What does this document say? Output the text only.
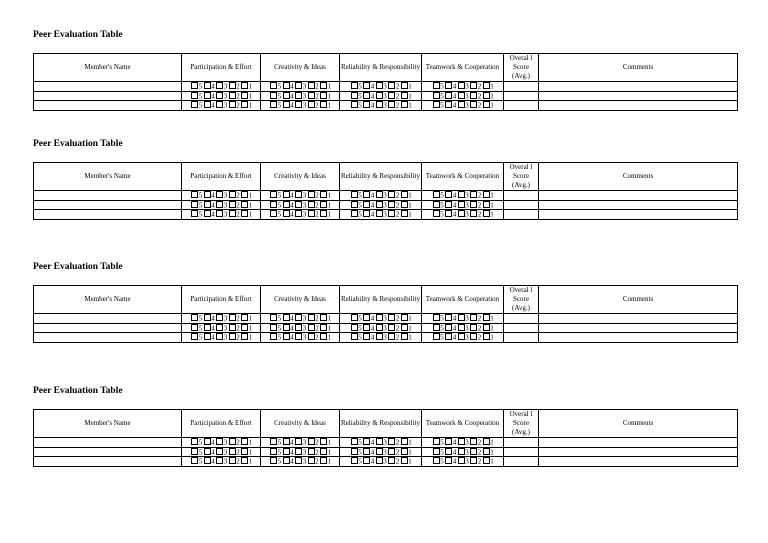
Peer Evaluation Table
Member's Name	Participation & Effort	Creativity & Ideas	Reliability & Responsibility	Teamwork & Cooperation	Overal l Score (Avg.)	Comments
	5 4 3 2 1	5 4 3 2 1	5 4 3 2 1	5 4 3 2 1		
	5 4 3 2 1	5 4 3 2 1	5 4 3 2 1	5 4 3 2 1		
	5 4 3 2 1	5 4 3 2 1	5 4 3 2 1	5 4 3 2 1		
Peer Evaluation Table
Member's Name	Participation & Effort	Creativity & Ideas	Reliability & Responsibility	Teamwork & Cooperation	Overal l Score (Avg.)	Comments
	5 4 3 2 1	5 4 3 2 1	5 4 3 2 1	5 4 3 2 1		
	5 4 3 2 1	5 4 3 2 1	5 4 3 2 1	5 4 3 2 1		
	5 4 3 2 1	5 4 3 2 1	5 4 3 2 1	5 4 3 2 1		
Peer Evaluation Table
Member's Name	Participation & Effort	Creativity & Ideas	Reliability & Responsibility	Teamwork & Cooperation	Overal l Score (Avg.)	Comments
	5 4 3 2 1	5 4 3 2 1	5 4 3 2 1	5 4 3 2 1		
	5 4 3 2 1	5 4 3 2 1	5 4 3 2 1	5 4 3 2 1		
	5 4 3 2 1	5 4 3 2 1	5 4 3 2 1	5 4 3 2 1		
Peer Evaluation Table
Member's Name	Participation & Effort	Creativity & Ideas	Reliability & Responsibility	Teamwork & Cooperation	Overal l Score (Avg.)	Comments
	5 4 3 2 1	5 4 3 2 1	5 4 3 2 1	5 4 3 2 1		
	5 4 3 2 1	5 4 3 2 1	5 4 3 2 1	5 4 3 2 1		
	5 4 3 2 1	5 4 3 2 1	5 4 3 2 1	5 4 3 2 1		
